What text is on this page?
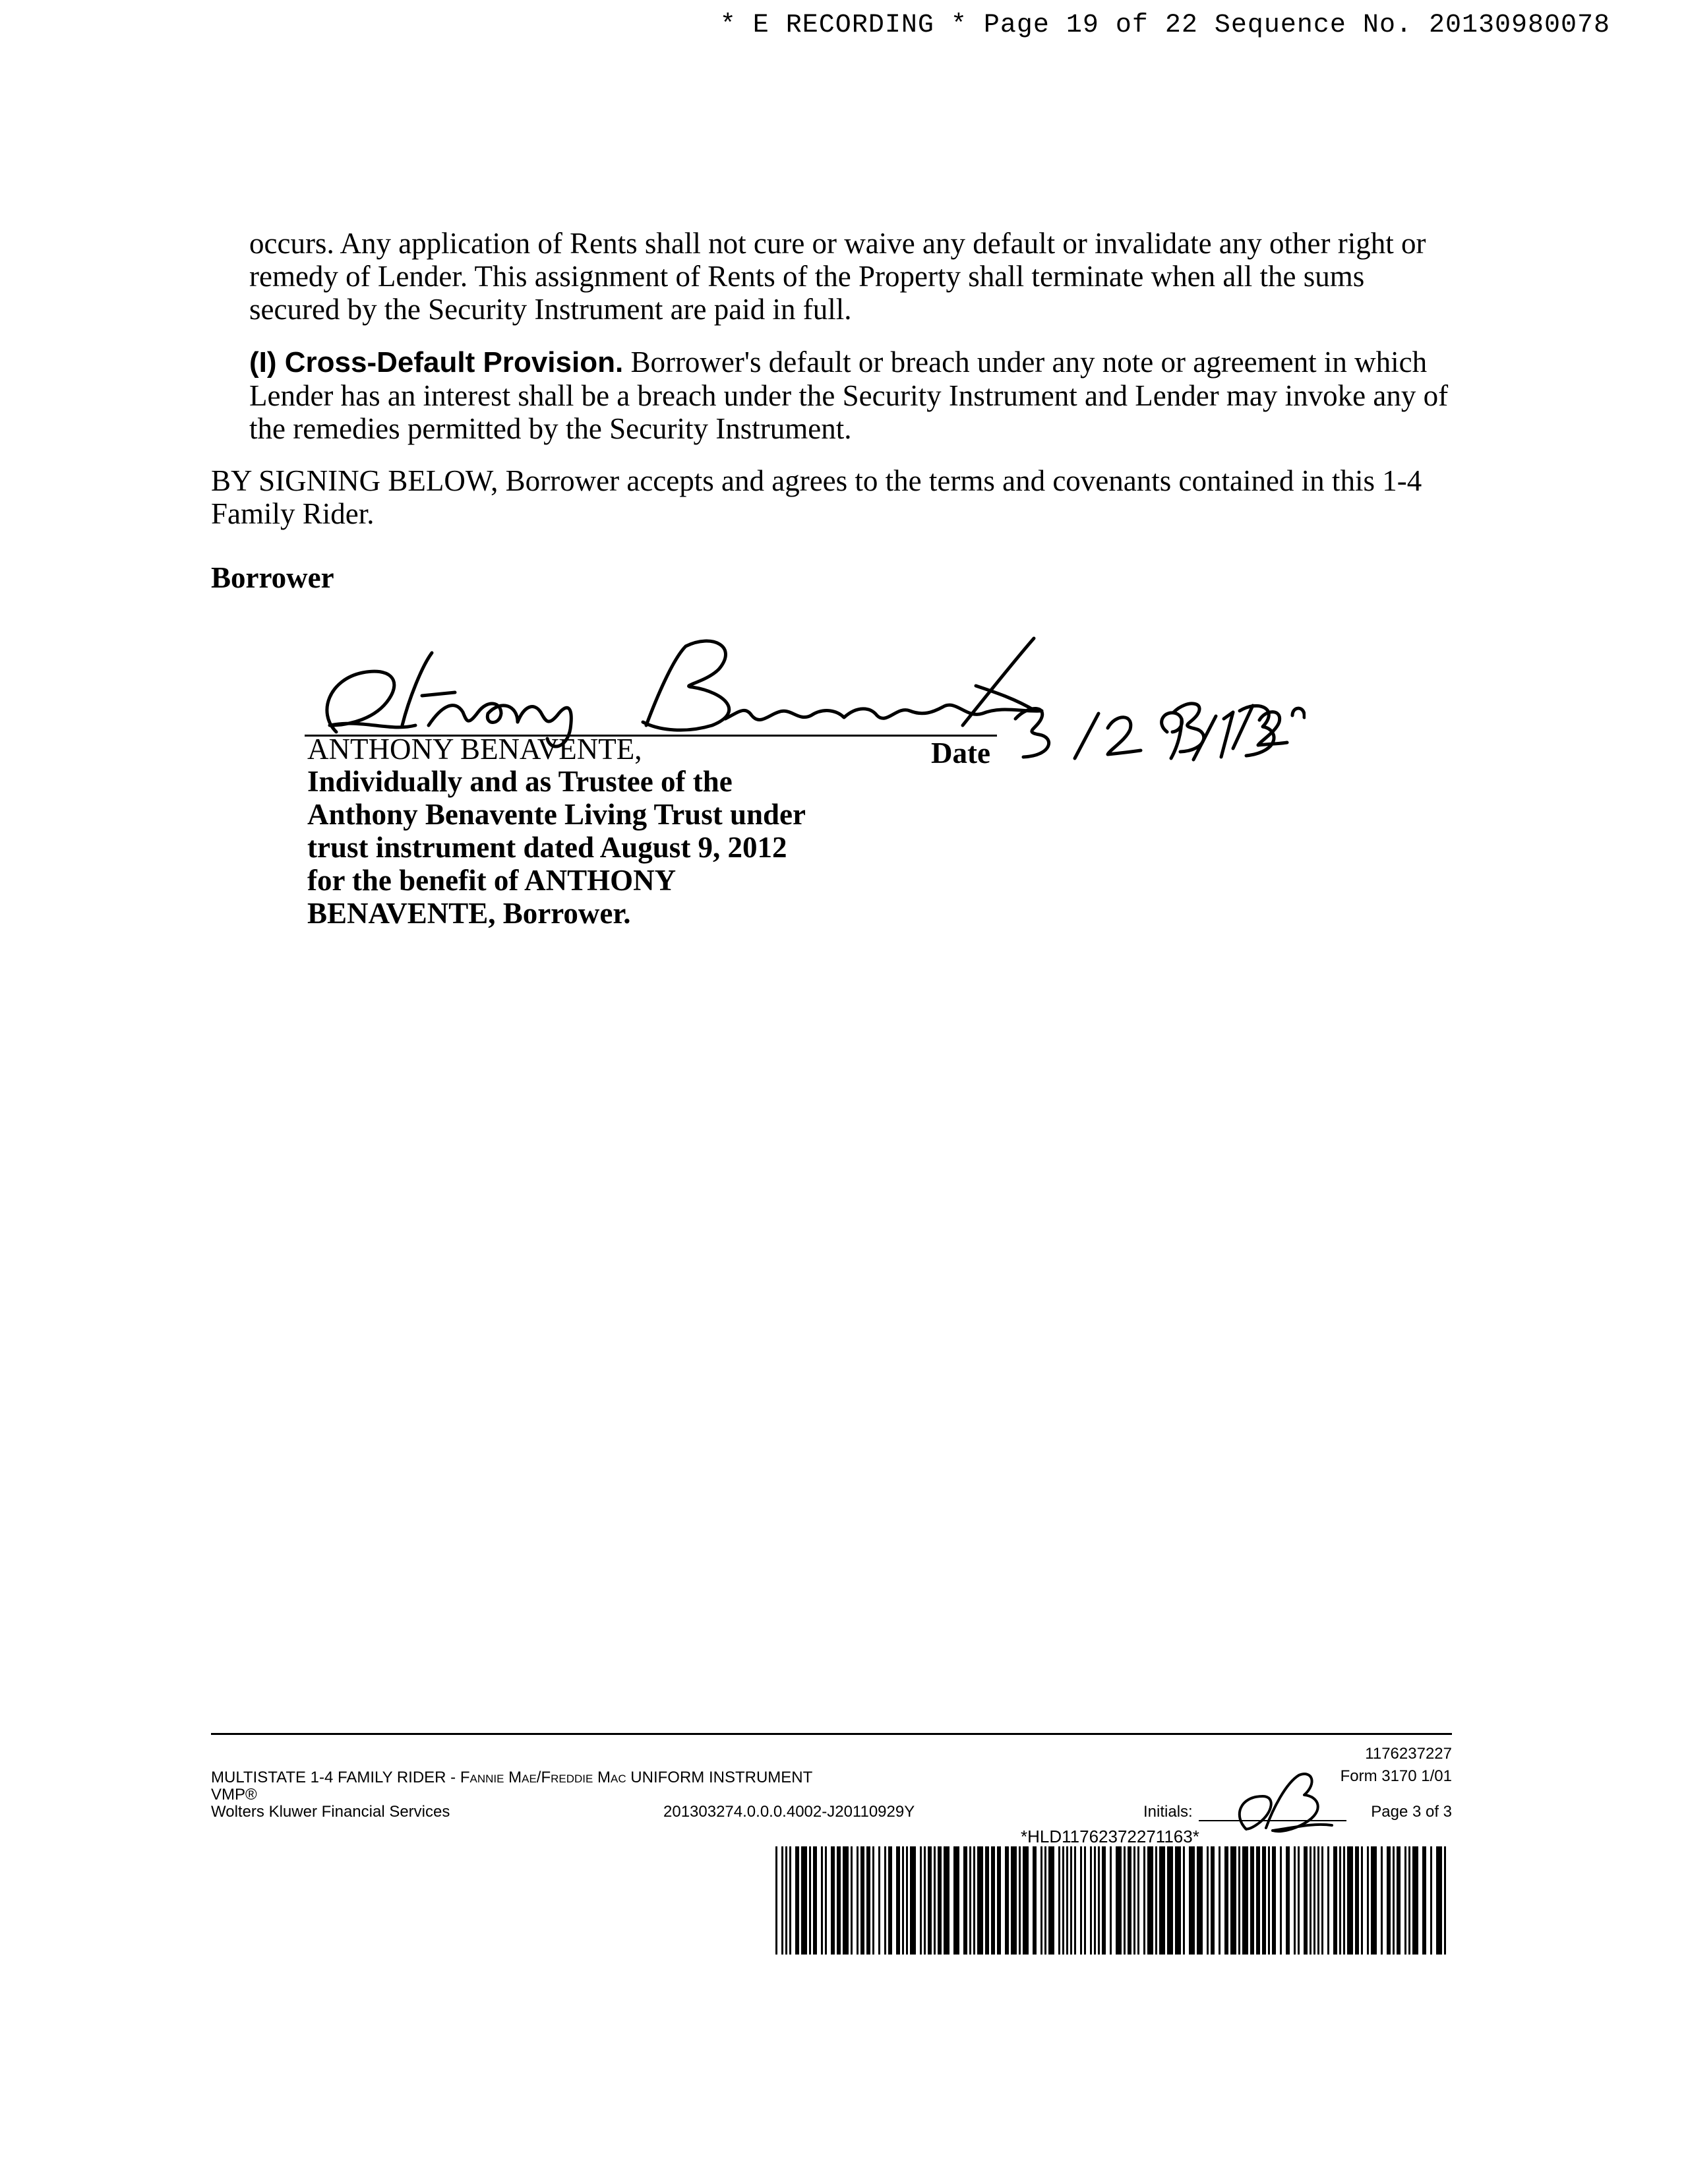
* E RECORDING * Page 19 of 22 Sequence No. 20130980078
occurs. Any application of Rents shall not cure or waive any default or invalidate any other right or remedy of Lender. This assignment of Rents of the Property shall terminate when all the sums secured by the Security Instrument are paid in full.
(I) Cross-Default Provision. Borrower's default or breach under any note or agreement in which Lender has an interest shall be a breach under the Security Instrument and Lender may invoke any of the remedies permitted by the Security Instrument.
BY SIGNING BELOW, Borrower accepts and agrees to the terms and covenants contained in this 1-4 Family Rider.
Borrower
ANTHONY BENAVENTE,	Date
Individually and as Trustee of the
Anthony Benavente Living Trust under
trust instrument dated August 9, 2012
for the benefit of ANTHONY
BENAVENTE, Borrower.
1176237227
MULTISTATE 1-4 FAMILY RIDER - Fannie Mae/Freddie Mac UNIFORM INSTRUMENT	Form 3170 1/01
VMP®
Wolters Kluwer Financial Services	201303274.0.0.0.4002-J20110929Y	Initials:	Page 3 of 3
*HLD11762372271163*
